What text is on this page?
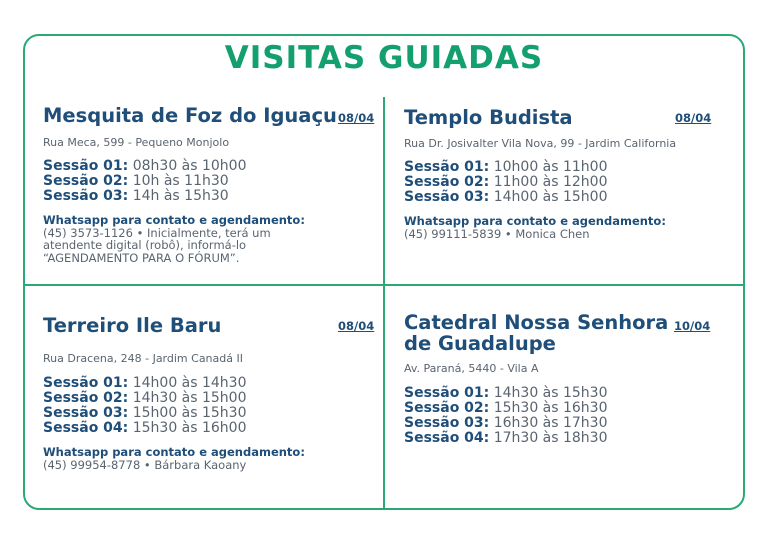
VISITAS GUIADAS
Mesquita de Foz do Iguaçu 08/04
Rua Meca, 599 - Pequeno Monjolo
Sessão 01: 08h30 às 10h00
Sessão 02: 10h às 11h30
Sessão 03: 14h às 15h30
Whatsapp para contato e agendamento:
(45) 3573-1126 • Inicialmente, terá um
atendente digital (robô), informá-lo
“AGENDAMENTO PARA O FÓRUM”.
Templo Budista	08/04
Rua Dr. Josivalter Vila Nova, 99 - Jardim California
Sessão 01: 10h00 às 11h00
Sessão 02: 11h00 às 12h00
Sessão 03: 14h00 às 15h00
Whatsapp para contato e agendamento:
(45) 99111-5839 • Monica Chen
Terreiro Ile Baru	08/04
Rua Dracena, 248 - Jardim Canadá II
Sessão 01: 14h00 às 14h30
Sessão 02: 14h30 às 15h00
Sessão 03: 15h00 às 15h30
Sessão 04: 15h30 às 16h00
Whatsapp para contato e agendamento:
(45) 99954-8778 • Bárbara Kaoany
Catedral Nossa Senhora
de Guadalupe
10/04
Av. Paraná, 5440 - Vila A
Sessão 01: 14h30 às 15h30
Sessão 02: 15h30 às 16h30
Sessão 03: 16h30 às 17h30
Sessão 04: 17h30 às 18h30
